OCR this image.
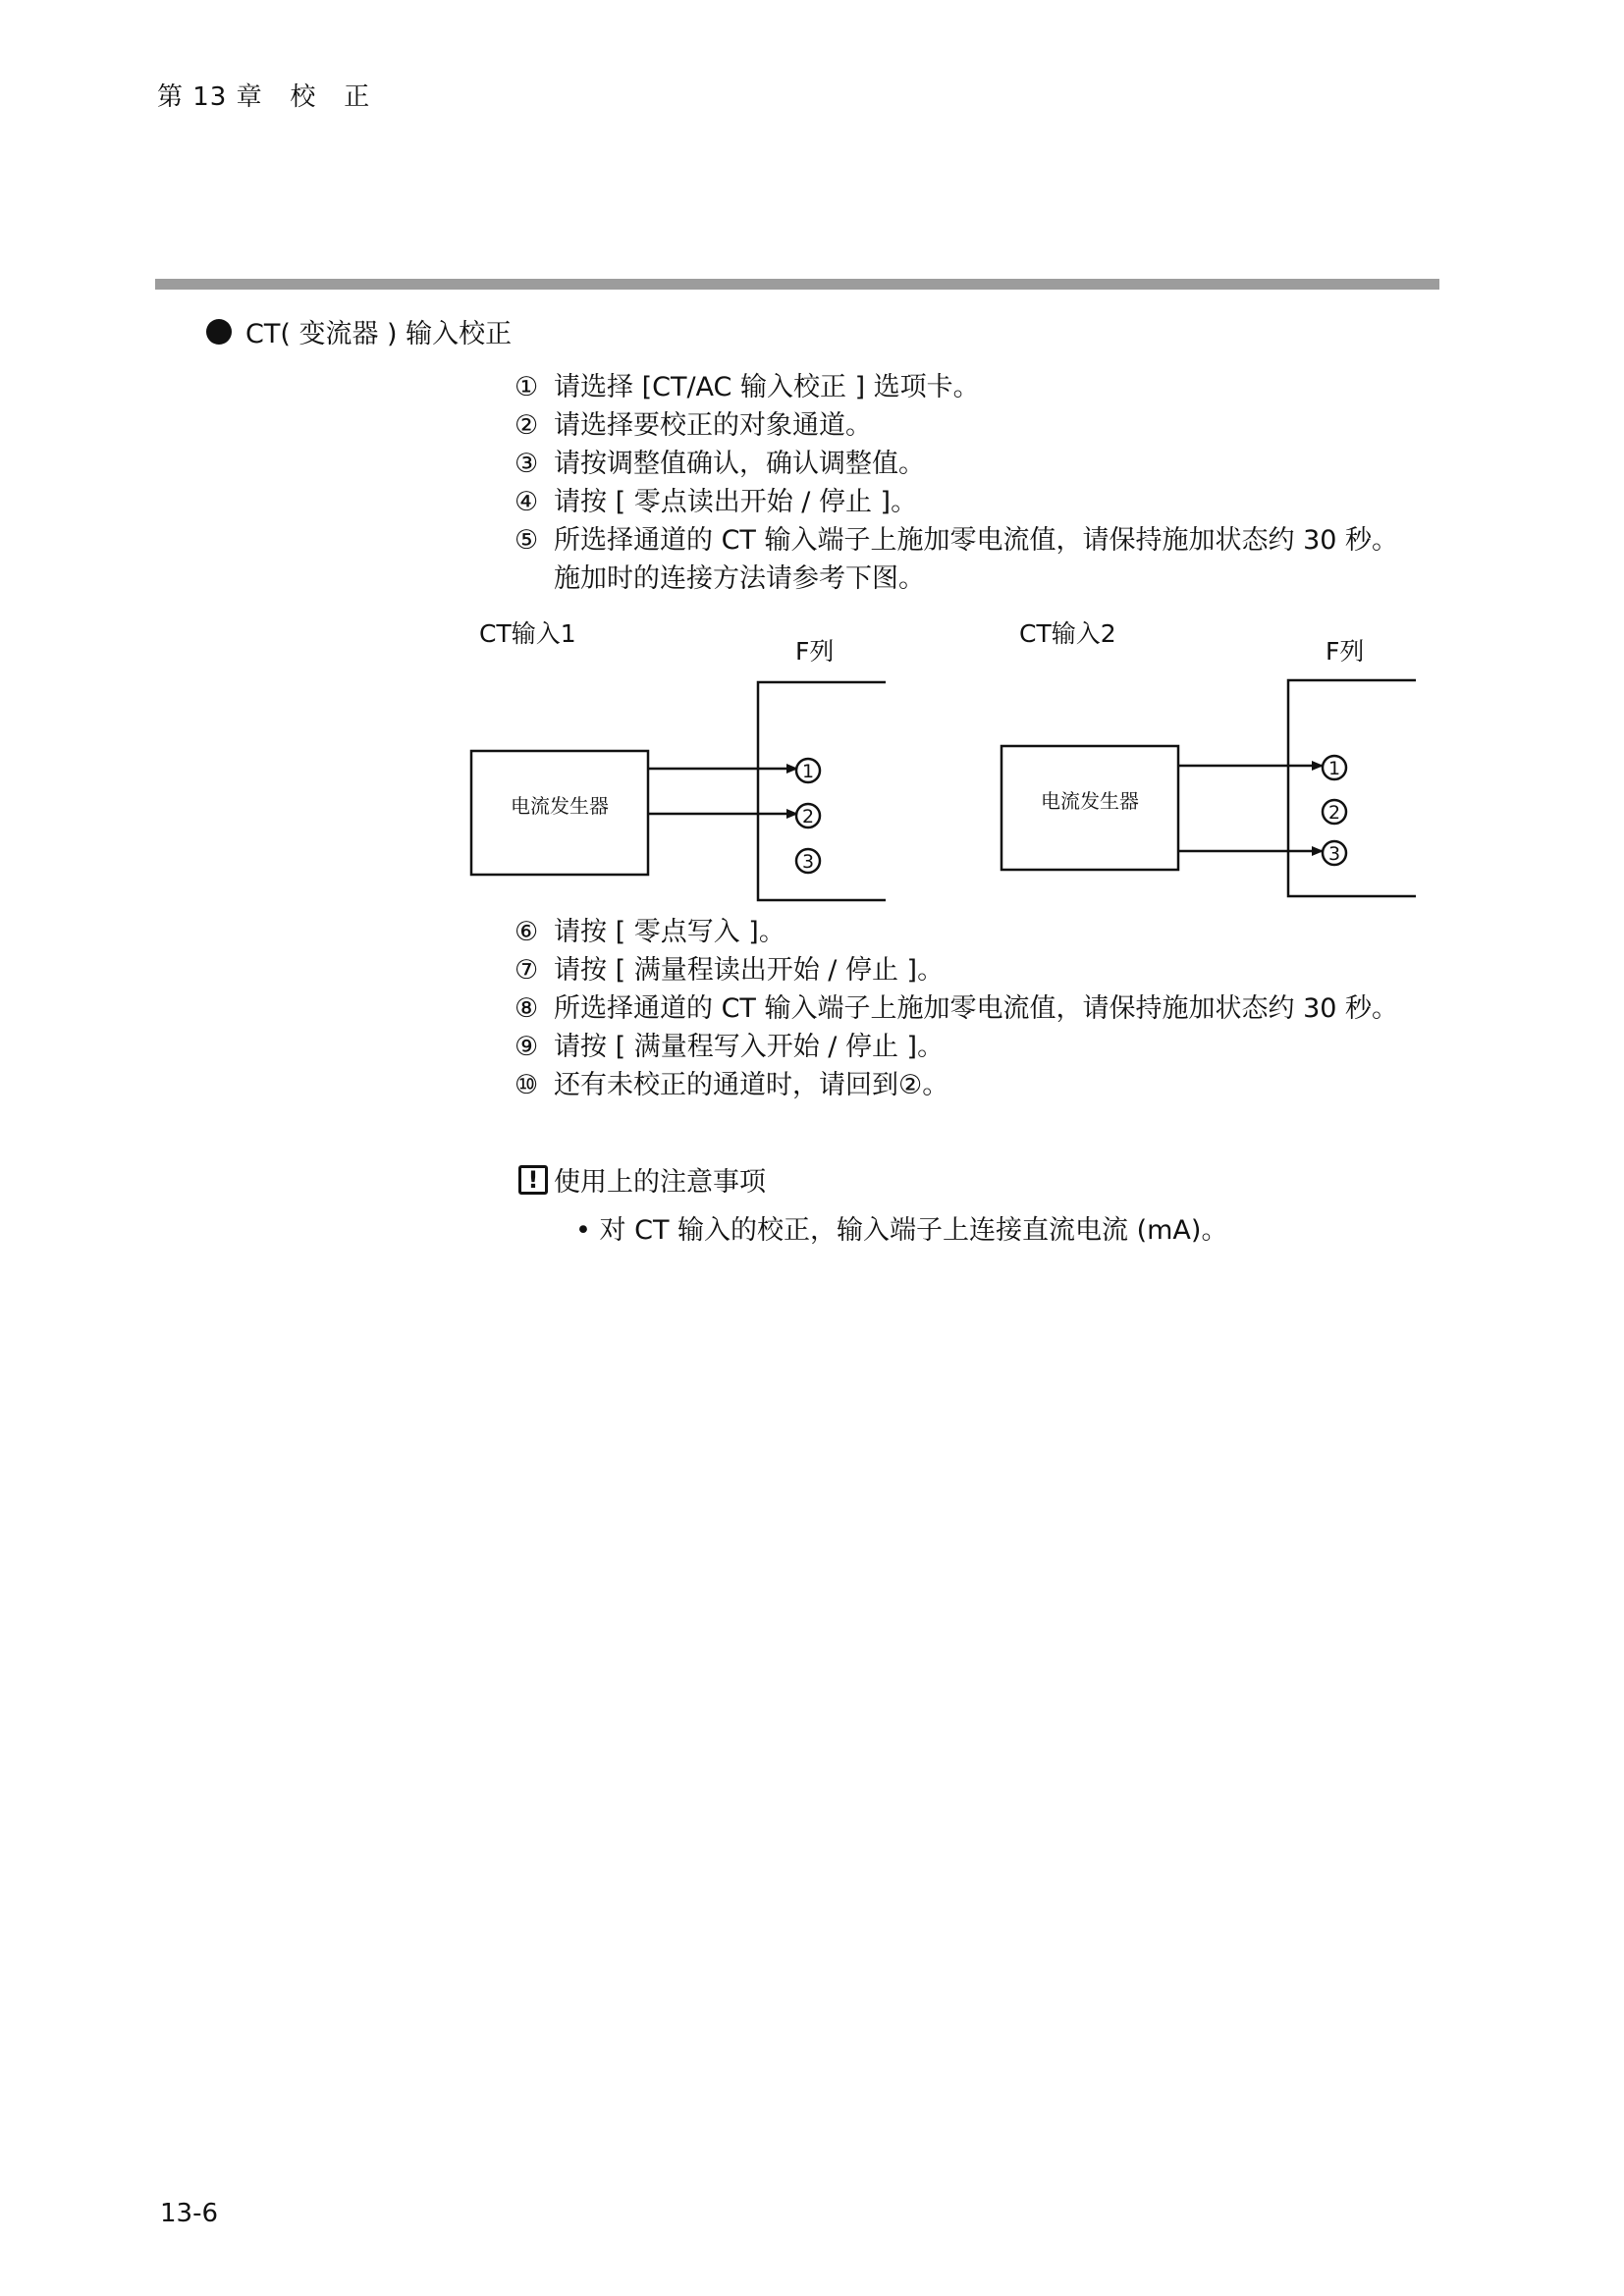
第 13 章   校   正
CT( 变流器 ) 输入校正
① 请选择 [CT/AC 输入校正 ] 选项卡。
② 请选择要校正的对象通道。
③ 请按调整值确认，确认调整值。
④ 请按 [ 零点读出开始 / 停止 ]。
⑤ 所选择通道的 CT 输入端子上施加零电流值，请保持施加状态约 30 秒。
施加时的连接方法请参考下图。
CT输入1
F列
电流发生器
1
2
3
CT输入2
F列
电流发生器
1
2
3
⑥ 请按 [ 零点写入 ]。
⑦ 请按 [ 满量程读出开始 / 停止 ]。
⑧ 所选择通道的 CT 输入端子上施加零电流值，请保持施加状态约 30 秒。
⑨ 请按 [ 满量程写入开始 / 停止 ]。
⑩ 还有未校正的通道时，请回到②。
! 使用上的注意事项
• 对 CT 输入的校正，输入端子上连接直流电流 (mA)。
13-6
